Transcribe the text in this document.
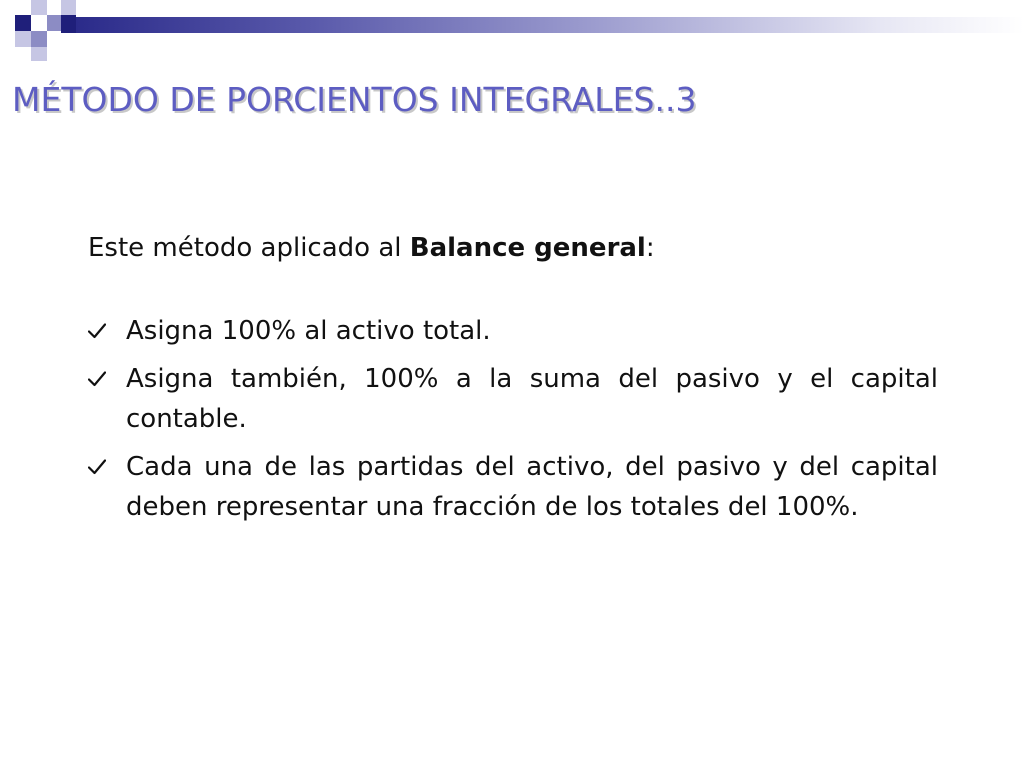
MÉTODO DE PORCIENTOS INTEGRALES..3

Este método aplicado al Balance general:

Asigna 100% al activo total.
Asigna también, 100% a la suma del pasivo y el capital contable.
Cada una de las partidas del activo, del pasivo y del capital deben representar una fracción de los totales del 100%.
